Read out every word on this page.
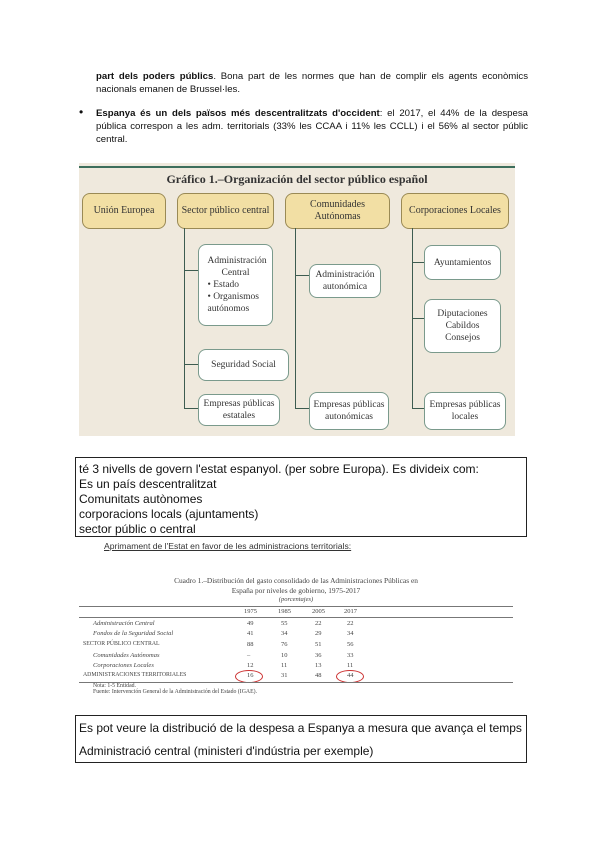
part dels poders públics. Bona part de les normes que han de complir els agents econòmics nacionals emanen de Brussel·les.
• Espanya és un dels països més descentralitzats d'occident: el 2017, el 44% de la despesa pública correspon a les adm. territorials (33% les CCAA i 11% les CCLL) i el 56% al sector públic central.
Gráfico 1.–Organización del sector público español
Unión Europea	Sector público central
Comunidades Autónomas
Corporaciones Locales
Administración Central
• Estado
• Organismos autónomos
Seguridad Social
Empresas públicas estatales
Administración autonómica
Empresas públicas autonómicas
Ayuntamientos
Diputaciones
Cabildos
Consejos
Empresas públicas locales
té 3 nivells de govern l'estat espanyol. (per sobre Europa). Es divideix com:
Es un país descentralitzat
Comunitats autònomes
corporacions locals (ajuntaments)
sector públic o central
Aprimament de l'Estat en favor de les administracions territorials:
Cuadro 1.–Distribución del gasto consolidado de las Administraciones Públicas en
España por niveles de gobierno, 1975-2017
(porcentajes)
1975	1985	2005	2017
Administración Central	49	55	22	22
Fondos de la Seguridad Social	41	34	29	34
SECTOR PÚBLICO CENTRAL	88	76	51	56
Comunidades Autónomas	–	10	36	33
Corporaciones Locales	12	11	13	11
ADMINISTRACIONES TERRITORIALES	16	31	48	44
Nota: 1-5 Entidad.
Fuente: Intervención General de la Administración del Estado (IGAE).
Es pot veure la distribució de la despesa a Espanya a mesura que avança el temps
Administració central (ministeri d'indústria per exemple)
